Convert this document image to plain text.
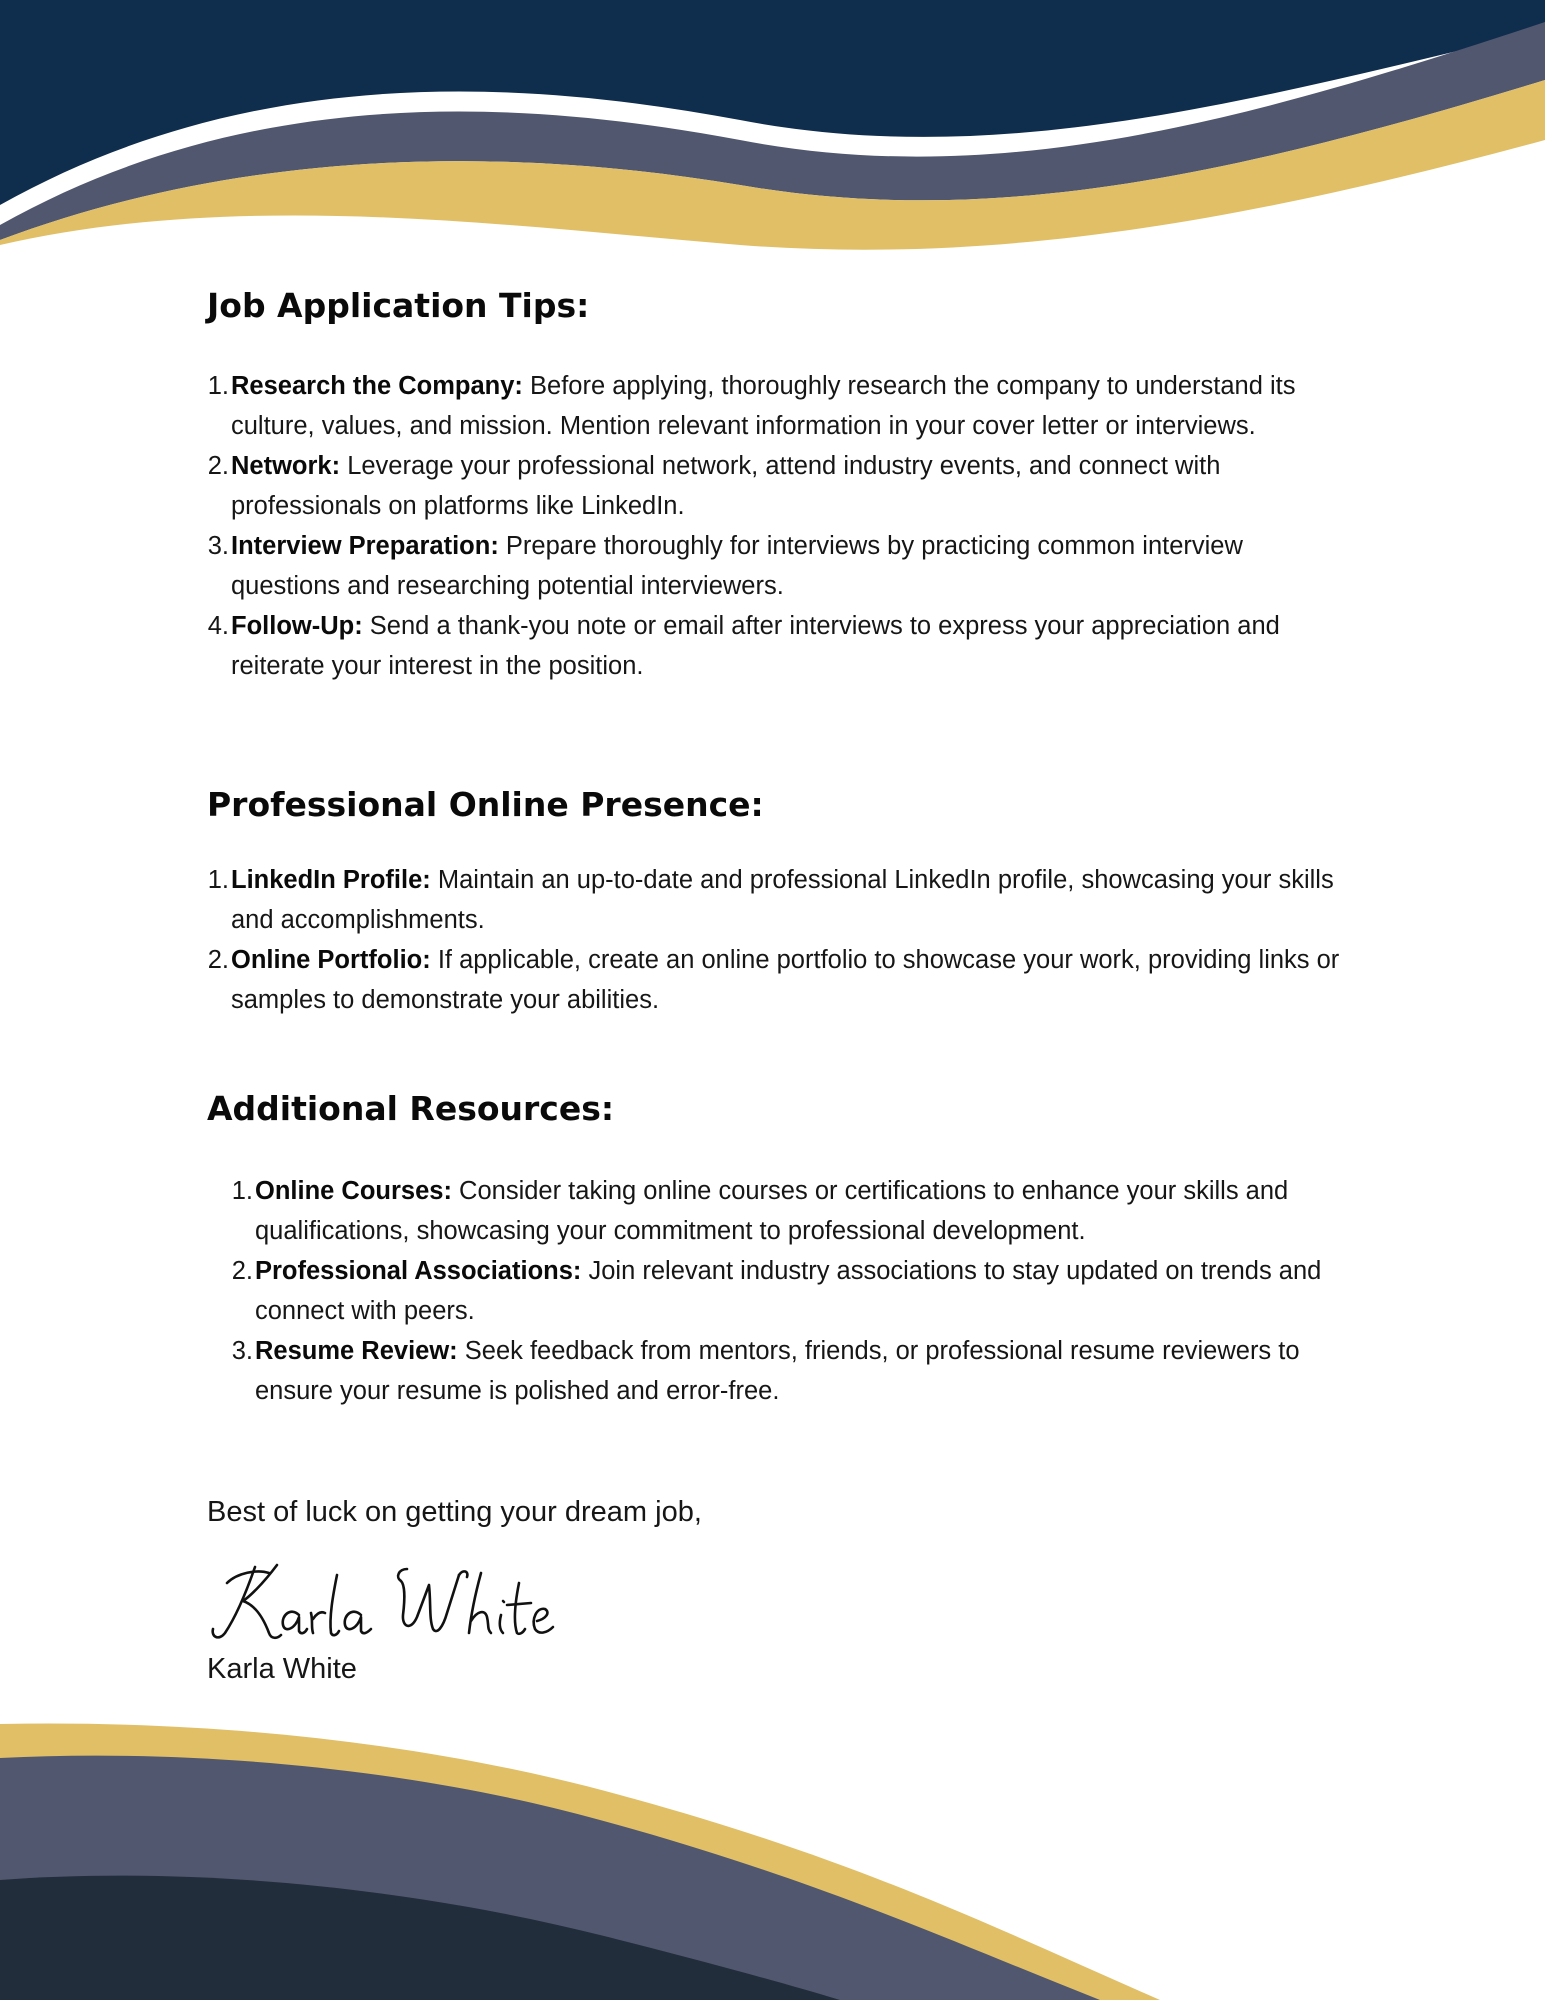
Job Application Tips:
1. Research the Company: Before applying, thoroughly research the company to understand its culture, values, and mission. Mention relevant information in your cover letter or interviews.
2. Network: Leverage your professional network, attend industry events, and connect with professionals on platforms like LinkedIn.
3. Interview Preparation: Prepare thoroughly for interviews by practicing common interview questions and researching potential interviewers.
4. Follow-Up: Send a thank-you note or email after interviews to express your appreciation and reiterate your interest in the position.
Professional Online Presence:
1. LinkedIn Profile: Maintain an up-to-date and professional LinkedIn profile, showcasing your skills and accomplishments.
2. Online Portfolio: If applicable, create an online portfolio to showcase your work, providing links or samples to demonstrate your abilities.
Additional Resources:
1. Online Courses: Consider taking online courses or certifications to enhance your skills and qualifications, showcasing your commitment to professional development.
2. Professional Associations: Join relevant industry associations to stay updated on trends and connect with peers.
3. Resume Review: Seek feedback from mentors, friends, or professional resume reviewers to ensure your resume is polished and error-free.
Best of luck on getting your dream job,
Karla White
